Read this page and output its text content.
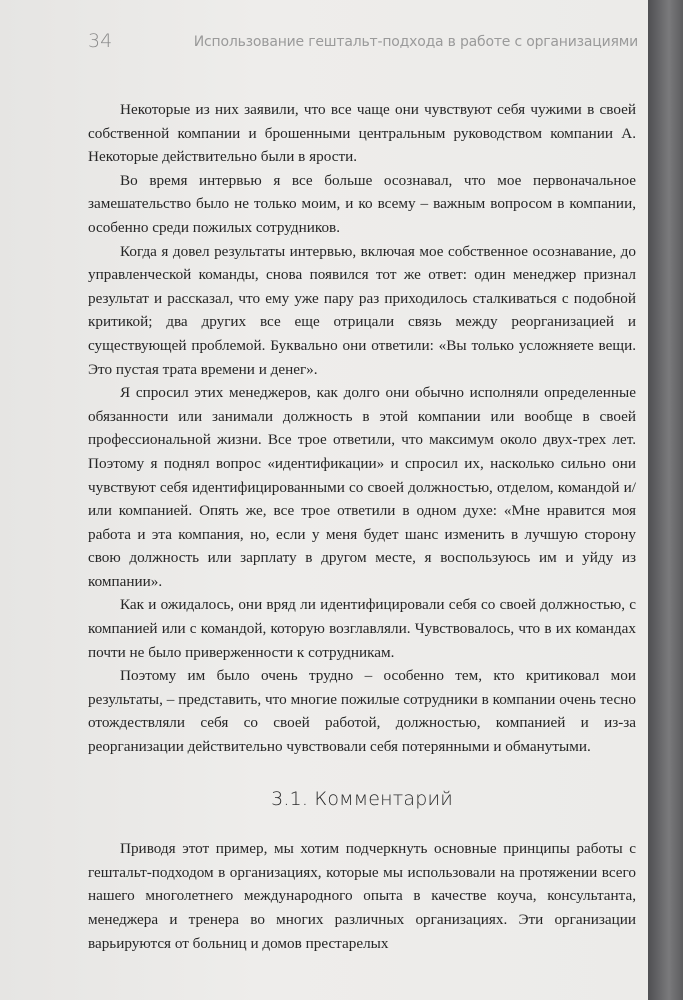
34	Использование гештальт-подхода в работе с организациями

Некоторые из них заявили, что все чаще они чувствуют себя чужими в своей собственной компании и брошенными центральным руководством компании А. Некоторые действительно были в ярости.

Во время интервью я все больше осознавал, что мое первоначальное замешательство было не только моим, и ко всему – важным вопросом в компании, особенно среди пожилых сотрудников.

Когда я довел результаты интервью, включая мое собственное осознавание, до управленческой команды, снова появился тот же ответ: один менеджер признал результат и рассказал, что ему уже пару раз приходилось сталкиваться с подобной критикой; два других все еще отрицали связь между реорганизацией и существующей проблемой. Буквально они ответили: «Вы только усложняете вещи. Это пустая трата времени и денег».

Я спросил этих менеджеров, как долго они обычно исполняли определенные обязанности или занимали должность в этой компании или вообще в своей профессиональной жизни. Все трое ответили, что максимум около двух-трех лет. Поэтому я поднял вопрос «идентификации» и спросил их, насколько сильно они чувствуют себя идентифицированными со своей должностью, отделом, командой и/или компанией. Опять же, все трое ответили в одном духе: «Мне нравится моя работа и эта компания, но, если у меня будет шанс изменить в лучшую сторону свою должность или зарплату в другом месте, я воспользуюсь им и уйду из компании».

Как и ожидалось, они вряд ли идентифицировали себя со своей должностью, с компанией или с командой, которую возглавляли. Чувствовалось, что в их командах почти не было приверженности к сотрудникам.

Поэтому им было очень трудно – особенно тем, кто критиковал мои результаты, – представить, что многие пожилые сотрудники в компании очень тесно отождествляли себя со своей работой, должностью, компанией и из-за реорганизации действительно чувствовали себя потерянными и обманутыми.

3.1. Комментарий

Приводя этот пример, мы хотим подчеркнуть основные принципы работы с гештальт-подходом в организациях, которые мы использовали на протяжении всего нашего многолетнего международного опыта в качестве коуча, консультанта, менеджера и тренера во многих различных организациях. Эти организации варьируются от больниц и домов престарелых
